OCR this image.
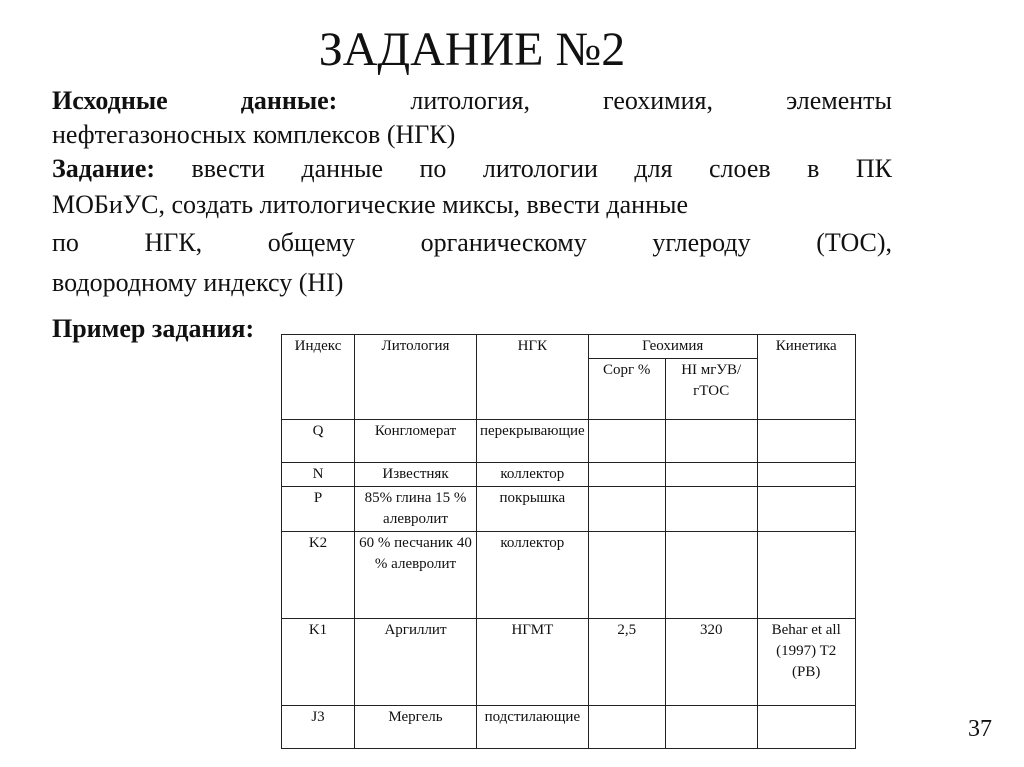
ЗАДАНИЕ №2
Исходные данные:	литология,	геохимия,	элементы
нефтегазоносных комплексов (НГК)
Задание: ввести данные по литологии для слоев в ПК
МОБиУС, создать литологические миксы, ввести данные
по	НГК,	общему	органическому	углероду	(ТОС),
водородному индексу (HI)
Пример задания:
Индекс	Литология	НГК	Геохимия		Кинетика
			Сорг %	HI мгУВ/гТОС	
Q	Конгломерат	перекрывающие			
N	Известняк	коллектор			
P	85% глина 15 % алевролит	покрышка			
K2	60 % песчаник 40 % алевролит	коллектор			
K1	Аргиллит	НГМТ	2,5	320	Behar et all (1997) T2 (PB)
J3	Мергель	подстилающие				37
